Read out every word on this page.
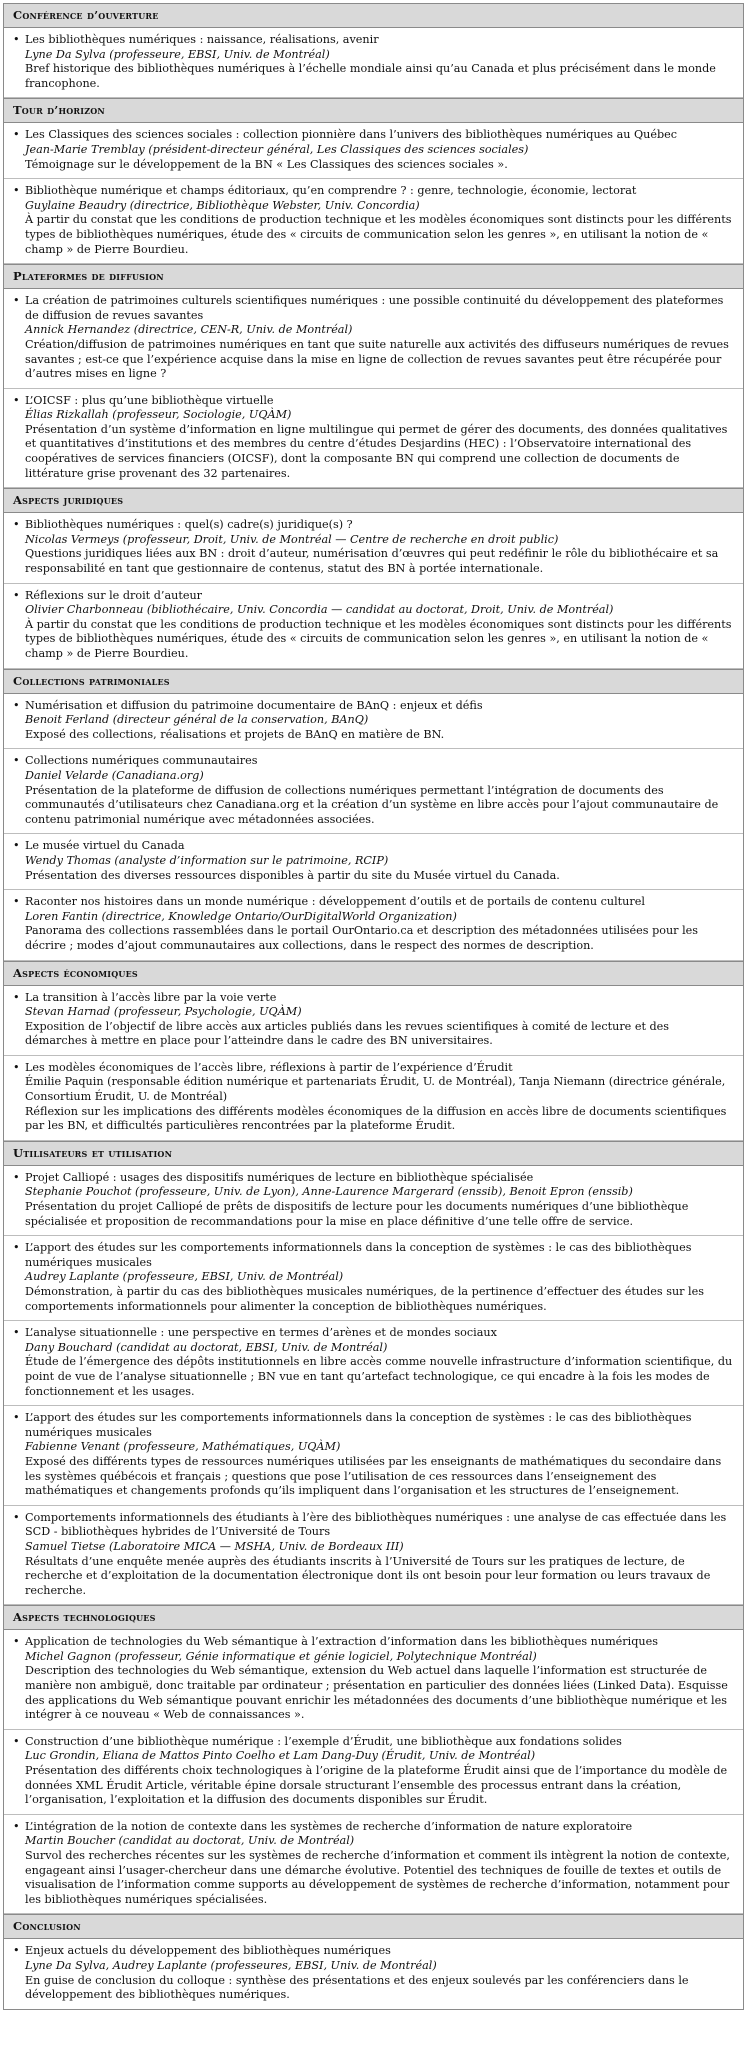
Conférence d’ouverture
• Les bibliothèques numériques : naissance, réalisations, avenir
Lyne Da Sylva (professeure, EBSI, Univ. de Montréal)
Bref historique des bibliothèques numériques à l’échelle mondiale ainsi qu’au Canada et plus précisément dans le monde francophone.
Tour d’horizon
• Les Classiques des sciences sociales : collection pionnière dans l’univers des bibliothèques numériques au Québec
Jean-Marie Tremblay (président-directeur général, Les Classiques des sciences sociales)
Témoignage sur le développement de la BN « Les Classiques des sciences sociales ».
• Bibliothèque numérique et champs éditoriaux, qu’en comprendre ? : genre, technologie, économie, lectorat
Guylaine Beaudry (directrice, Bibliothèque Webster, Univ. Concordia)
À partir du constat que les conditions de production technique et les modèles économiques sont distincts pour les différents types de bibliothèques numériques, étude des « circuits de communication selon les genres », en utilisant la notion de « champ » de Pierre Bourdieu.
Plateformes de diffusion
• La création de patrimoines culturels scientifiques numériques : une possible continuité du développement des plateformes de diffusion de revues savantes
Annick Hernandez (directrice, CEN-R, Univ. de Montréal)
Création/diffusion de patrimoines numériques en tant que suite naturelle aux activités des diffuseurs numériques de revues savantes ; est-ce que l’expérience acquise dans la mise en ligne de collection de revues savantes peut être récupérée pour d’autres mises en ligne ?
• L’OICSF : plus qu’une bibliothèque virtuelle
Élias Rizkallah (professeur, Sociologie, UQÀM)
Présentation d’un système d’information en ligne multilingue qui permet de gérer des documents, des données qualitatives et quantitatives d’institutions et des membres du centre d’études Desjardins (HEC) : l’Observatoire international des coopératives de services financiers (OICSF), dont la composante BN qui comprend une collection de documents de littérature grise provenant des 32 partenaires.
Aspects juridiques
• Bibliothèques numériques : quel(s) cadre(s) juridique(s) ?
Nicolas Vermeys (professeur, Droit, Univ. de Montréal — Centre de recherche en droit public)
Questions juridiques liées aux BN : droit d’auteur, numérisation d’œuvres qui peut redéfinir le rôle du bibliothécaire et sa responsabilité en tant que gestionnaire de contenus, statut des BN à portée internationale.
• Réflexions sur le droit d’auteur
Olivier Charbonneau (bibliothécaire, Univ. Concordia — candidat au doctorat, Droit, Univ. de Montréal)
À partir du constat que les conditions de production technique et les modèles économiques sont distincts pour les différents types de bibliothèques numériques, étude des « circuits de communication selon les genres », en utilisant la notion de « champ » de Pierre Bourdieu.
Collections patrimoniales
• Numérisation et diffusion du patrimoine documentaire de BAnQ : enjeux et défis
Benoit Ferland (directeur général de la conservation, BAnQ)
Exposé des collections, réalisations et projets de BAnQ en matière de BN.
• Collections numériques communautaires
Daniel Velarde (Canadiana.org)
Présentation de la plateforme de diffusion de collections numériques permettant l’intégration de documents des communautés d’utilisateurs chez Canadiana.org et la création d’un système en libre accès pour l’ajout communautaire de contenu patrimonial numérique avec métadonnées associées.
• Le musée virtuel du Canada
Wendy Thomas (analyste d’information sur le patrimoine, RCIP)
Présentation des diverses ressources disponibles à partir du site du Musée virtuel du Canada.
• Raconter nos histoires dans un monde numérique : développement d’outils et de portails de contenu culturel
Loren Fantin (directrice, Knowledge Ontario/OurDigitalWorld Organization)
Panorama des collections rassemblées dans le portail OurOntario.ca et description des métadonnées utilisées pour les décrire ; modes d’ajout communautaires aux collections, dans le respect des normes de description.
Aspects économiques
• La transition à l’accès libre par la voie verte
Stevan Harnad (professeur, Psychologie, UQÀM)
Exposition de l’objectif de libre accès aux articles publiés dans les revues scientifiques à comité de lecture et des démarches à mettre en place pour l’atteindre dans le cadre des BN universitaires.
• Les modèles économiques de l’accès libre, réflexions à partir de l’expérience d’Érudit
Émilie Paquin (responsable édition numérique et partenariats Érudit, U. de Montréal), Tanja Niemann (directrice générale, Consortium Érudit, U. de Montréal)
Réflexion sur les implications des différents modèles économiques de la diffusion en accès libre de documents scientifiques par les BN, et difficultés particulières rencontrées par la plateforme Érudit.
Utilisateurs et utilisation
• Projet Calliopé : usages des dispositifs numériques de lecture en bibliothèque spécialisée
Stephanie Pouchot (professeure, Univ. de Lyon), Anne-Laurence Margerard (enssib), Benoit Epron (enssib)
Présentation du projet Calliopé de prêts de dispositifs de lecture pour les documents numériques d’une bibliothèque spécialisée et proposition de recommandations pour la mise en place définitive d’une telle offre de service.
• L’apport des études sur les comportements informationnels dans la conception de systèmes : le cas des bibliothèques numériques musicales
Audrey Laplante (professeure, EBSI, Univ. de Montréal)
Démonstration, à partir du cas des bibliothèques musicales numériques, de la pertinence d’effectuer des études sur les comportements informationnels pour alimenter la conception de bibliothèques numériques.
• L’analyse situationnelle : une perspective en termes d’arènes et de mondes sociaux
Dany Bouchard (candidat au doctorat, EBSI, Univ. de Montréal)
Étude de l’émergence des dépôts institutionnels en libre accès comme nouvelle infrastructure d’information scientifique, du point de vue de l’analyse situationnelle ; BN vue en tant qu’artefact technologique, ce qui encadre à la fois les modes de fonctionnement et les usages.
• L’apport des études sur les comportements informationnels dans la conception de systèmes : le cas des bibliothèques numériques musicales
Fabienne Venant (professeure, Mathématiques, UQÀM)
Exposé des différents types de ressources numériques utilisées par les enseignants de mathématiques du secondaire dans les systèmes québécois et français ; questions que pose l’utilisation de ces ressources dans l’enseignement des mathématiques et changements profonds qu’ils impliquent dans l’organisation et les structures de l’enseignement.
• Comportements informationnels des étudiants à l’ère des bibliothèques numériques : une analyse de cas effectuée dans les SCD - bibliothèques hybrides de l’Université de Tours
Samuel Tietse (Laboratoire MICA — MSHA, Univ. de Bordeaux III)
Résultats d’une enquête menée auprès des étudiants inscrits à l’Université de Tours sur les pratiques de lecture, de recherche et d’exploitation de la documentation électronique dont ils ont besoin pour leur formation ou leurs travaux de recherche.
Aspects technologiques
• Application de technologies du Web sémantique à l’extraction d’information dans les bibliothèques numériques
Michel Gagnon (professeur, Génie informatique et génie logiciel, Polytechnique Montréal)
Description des technologies du Web sémantique, extension du Web actuel dans laquelle l’information est structurée de manière non ambiguë, donc traitable par ordinateur ; présentation en particulier des données liées (Linked Data). Esquisse des applications du Web sémantique pouvant enrichir les métadonnées des documents d’une bibliothèque numérique et les intégrer à ce nouveau « Web de connaissances ».
• Construction d’une bibliothèque numérique : l’exemple d’Érudit, une bibliothèque aux fondations solides
Luc Grondin, Eliana de Mattos Pinto Coelho et Lam Dang-Duy (Érudit, Univ. de Montréal)
Présentation des différents choix technologiques à l’origine de la plateforme Érudit ainsi que de l’importance du modèle de données XML Érudit Article, véritable épine dorsale structurant l’ensemble des processus entrant dans la création, l’organisation, l’exploitation et la diffusion des documents disponibles sur Érudit.
• L’intégration de la notion de contexte dans les systèmes de recherche d’information de nature exploratoire
Martin Boucher (candidat au doctorat, Univ. de Montréal)
Survol des recherches récentes sur les systèmes de recherche d’information et comment ils intègrent la notion de contexte, engageant ainsi l’usager-chercheur dans une démarche évolutive. Potentiel des techniques de fouille de textes et outils de visualisation de l’information comme supports au développement de systèmes de recherche d’information, notamment pour les bibliothèques numériques spécialisées.
Conclusion
• Enjeux actuels du développement des bibliothèques numériques
Lyne Da Sylva, Audrey Laplante (professeures, EBSI, Univ. de Montréal)
En guise de conclusion du colloque : synthèse des présentations et des enjeux soulevés par les conférenciers dans le développement des bibliothèques numériques.
